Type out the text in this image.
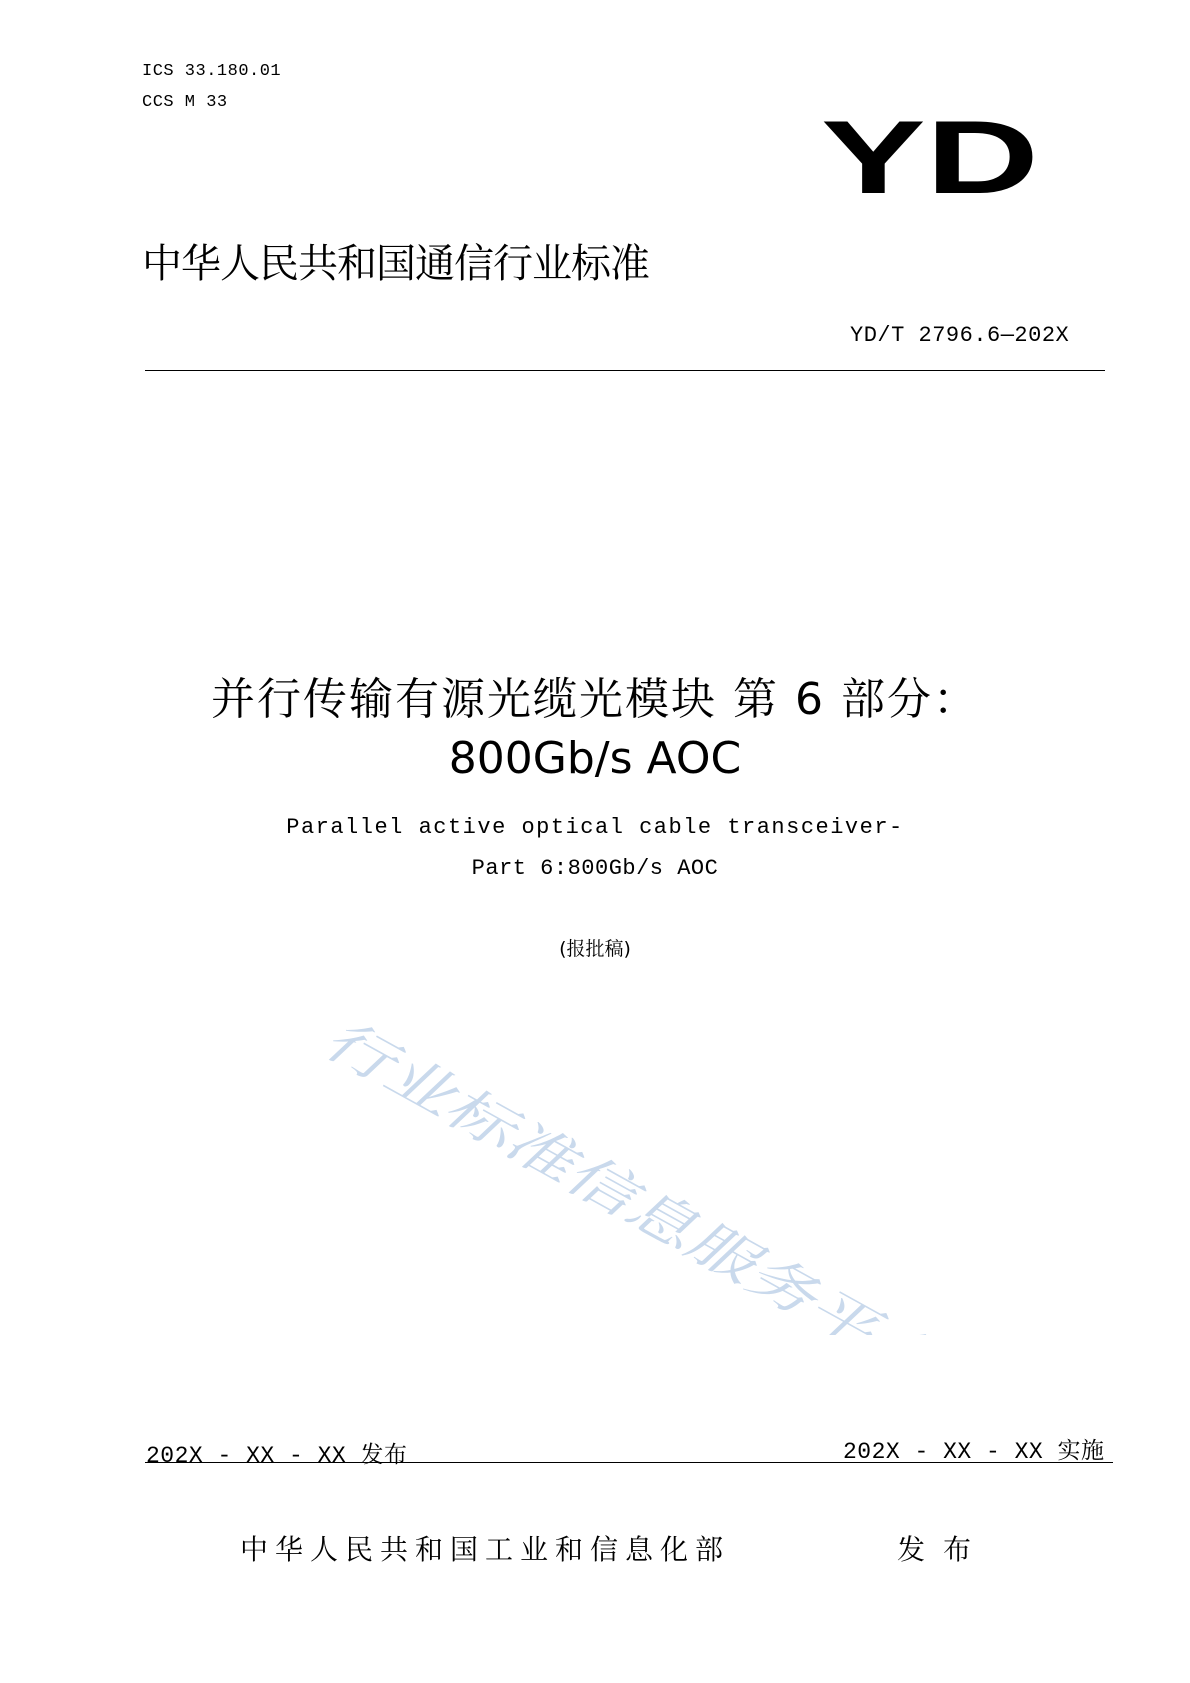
ICS 33.180.01
CCS M 33	YD
中华人民共和国通信行业标准
YD/T 2796.6—202X
并行传输有源光缆光模块 第 6 部分：
800Gb/s AOC
Parallel active optical cable transceiver-
Part 6:800Gb/s AOC
(报批稿)
行业标准信息服务平台
202X - XX - XX 发布	202X - XX - XX 实施
中华人民共和国工业和信息化部	发布
